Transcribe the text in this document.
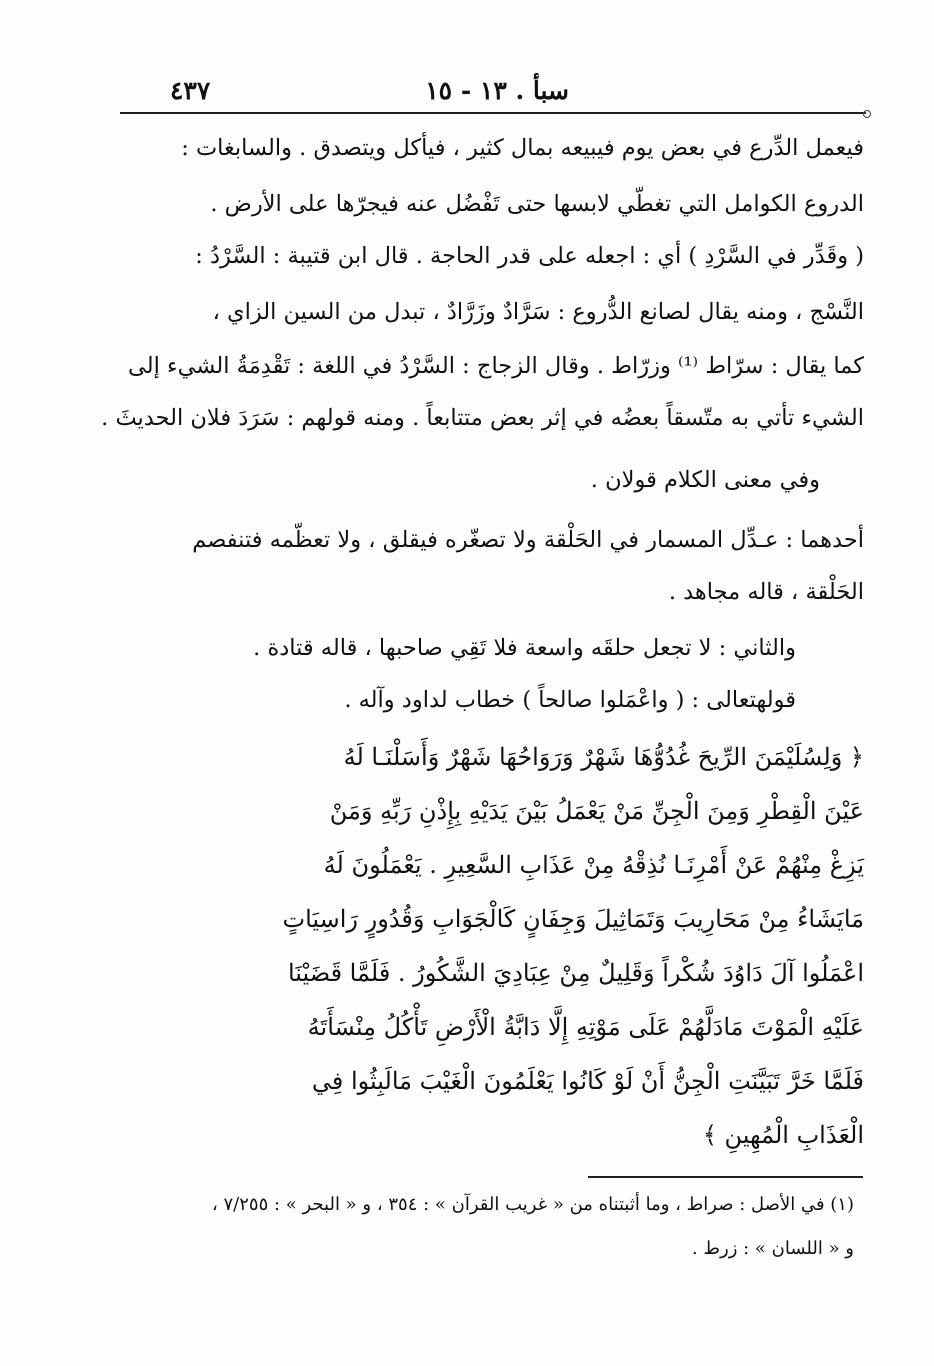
سبأ . ١٣ - ١٥
٤٣٧
فيعمل الدِّرع في بعض يوم فيبيعه بمال كثير ، فيأكل ويتصدق . والسابغات :
الدروع الكوامل التي تغطّي لابسها حتى تَفْضُل عنه فيجرّها على الأرض .
( وقَدِّر في السَّرْدِ ) أي : اجعله على قدر الحاجة . قال ابن قتيبة : السَّرْدُ :
النَّسْج ، ومنه يقال لصانع الدُّروع : سَرَّادٌ وزَرَّادٌ ، تبدل من السين الزاي ،
كما يقال : سرّاط ⁽¹⁾ وزرّاط . وقال الزجاج : السَّرْدُ في اللغة : تَقْدِمَةُ الشيء إلى
الشيء تأتي به متّسقاً بعضُه في إثر بعض متتابعاً . ومنه قولهم : سَرَدَ فلان الحديثَ .
وفي معنى الكلام قولان .
أحدهما : عـدِّل المسمار في الحَلْقة ولا تصغّره فيقلق ، ولا تعظّمه فتنفصم
الحَلْقة ، قاله مجاهد .
والثاني : لا تجعل حلقَه واسعة فلا تَقِي صاحبها ، قاله قتادة .
قولهتعالى : ( واعْمَلوا صالحاً ) خطاب لداود وآله .
﴿ وَلِسُلَيْمَنَ الرِّيحَ غُدُوُّهَا شَهْرٌ وَرَوَاحُهَا شَهْرٌ وَأَسَلْنَـا لَهُ
عَيْنَ الْقِطْرِ وَمِنَ الْجِنِّ مَنْ يَعْمَلُ بَيْنَ يَدَيْهِ بِإِذْنِ رَبِّهِ وَمَنْ
يَزِغْ مِنْهُمْ عَنْ أَمْرِنَـا نُذِقْهُ مِنْ عَذَابِ السَّعِيرِ . يَعْمَلُونَ لَهُ
مَايَشَاءُ مِنْ مَحَارِيبَ وَتَمَاثِيلَ وَجِفَانٍ كَالْجَوَابِ وَقُدُورٍ رَاسِيَاتٍ
اعْمَلُوا آلَ دَاوُدَ شُكْراً وَقَلِيلٌ مِنْ عِبَادِيَ الشَّكُورُ . فَلَمَّا قَضَيْنَا
عَلَيْهِ الْمَوْتَ مَادَلَّهُمْ عَلَى مَوْتِهِ إِلَّا دَابَّةُ الْأَرْضِ تَأْكُلُ مِنْسَأَتَهُ
فَلَمَّا خَرَّ تَبَيَّنَتِ الْجِنُّ أَنْ لَوْ كَانُوا يَعْلَمُونَ الْغَيْبَ مَالَبِثُوا فِي
الْعَذَابِ الْمُهِينِ ﴾
(١) في الأصل : صراط ، وما أثبتناه من « غريب القرآن » : ٣٥٤ ، و « البحر » : ٧/٢٥٥ ،
و « اللسان » : زرط .
